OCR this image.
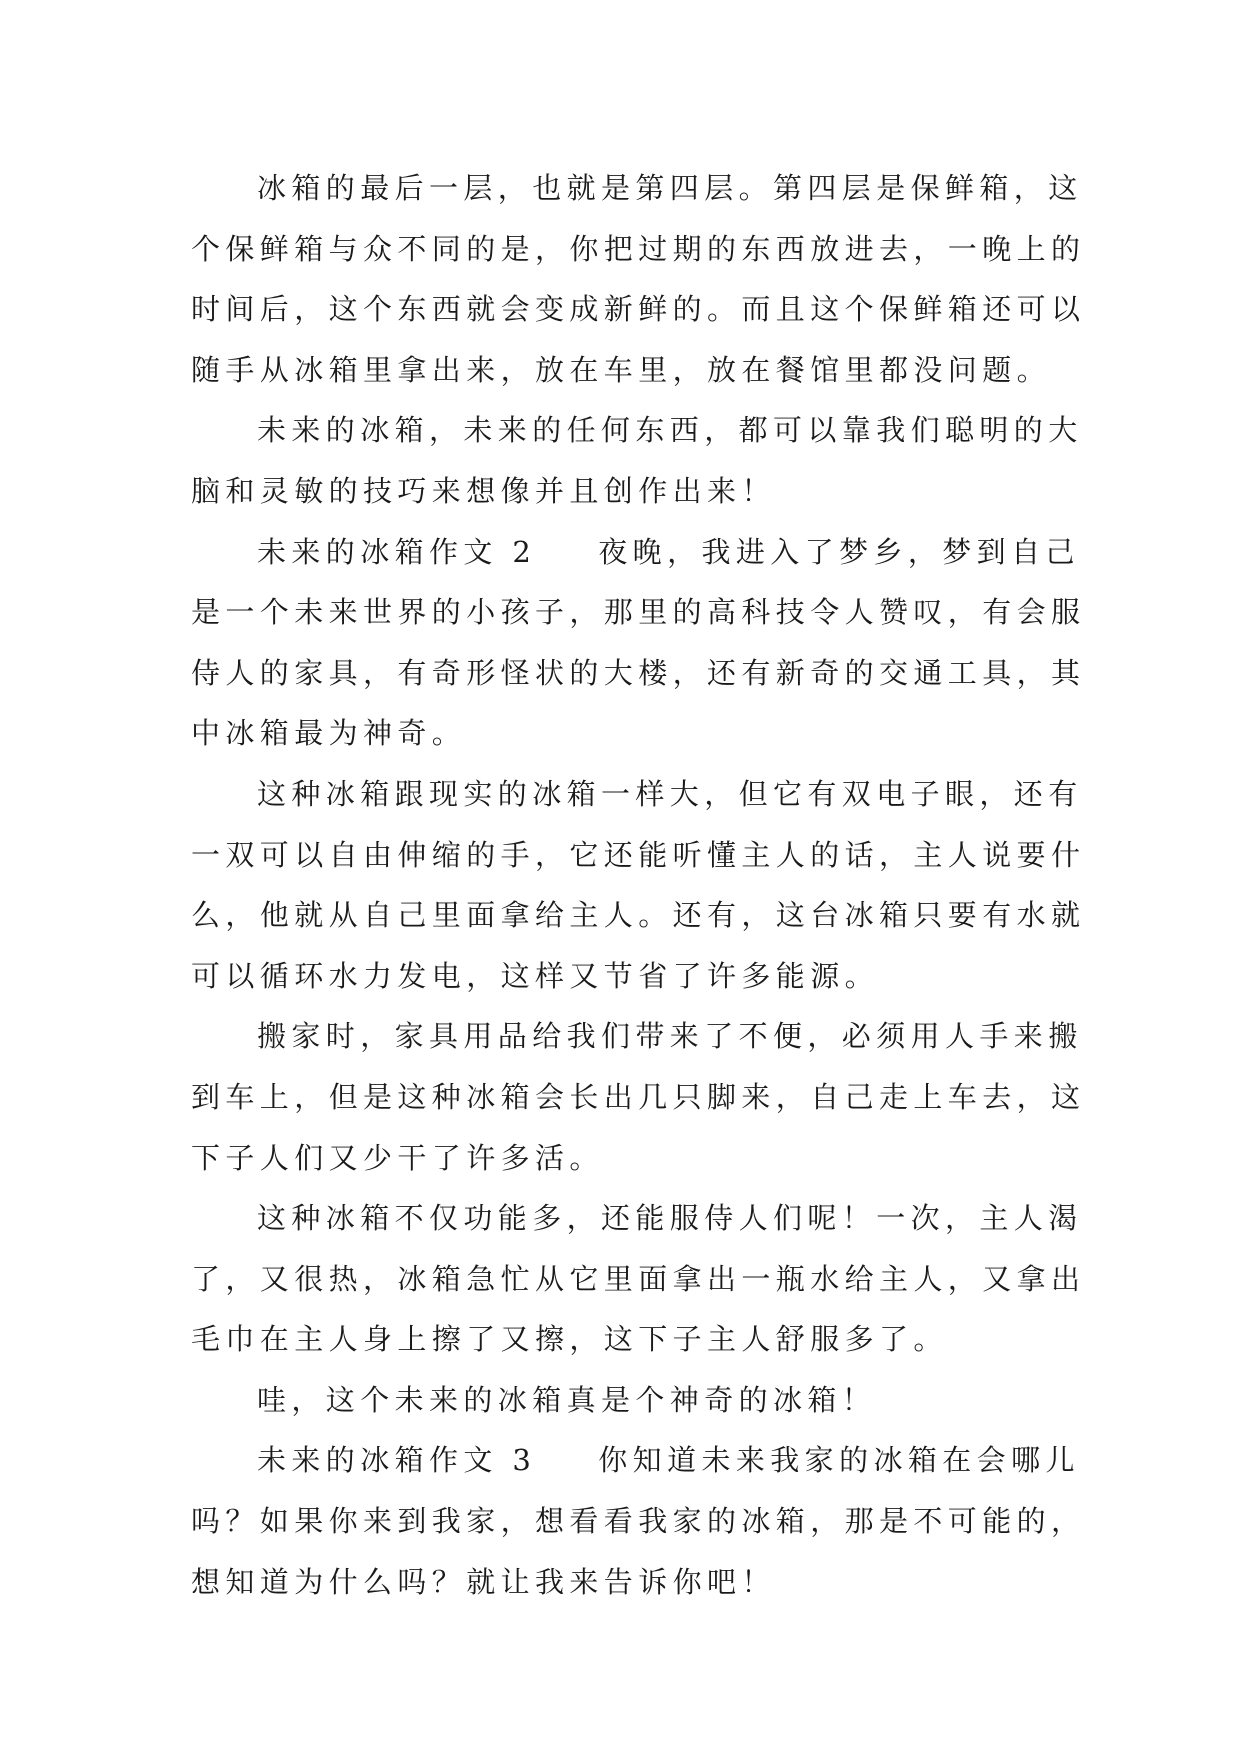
冰箱的最后一层，也就是第四层。第四层是保鲜箱，这
个保鲜箱与众不同的是，你把过期的东西放进去，一晚上的
时间后，这个东西就会变成新鲜的。而且这个保鲜箱还可以
随手从冰箱里拿出来，放在车里，放在餐馆里都没问题。
未来的冰箱，未来的任何东西，都可以靠我们聪明的大
脑和灵敏的技巧来想像并且创作出来！
未来的冰箱作文 2 夜晚，我进入了梦乡，梦到自己
是一个未来世界的小孩子，那里的高科技令人赞叹，有会服
侍人的家具，有奇形怪状的大楼，还有新奇的交通工具，其
中冰箱最为神奇。
这种冰箱跟现实的冰箱一样大，但它有双电子眼，还有
一双可以自由伸缩的手，它还能听懂主人的话，主人说要什
么，他就从自己里面拿给主人。还有，这台冰箱只要有水就
可以循环水力发电，这样又节省了许多能源。
搬家时，家具用品给我们带来了不便，必须用人手来搬
到车上，但是这种冰箱会长出几只脚来，自己走上车去，这
下子人们又少干了许多活。
这种冰箱不仅功能多，还能服侍人们呢！一次，主人渴
了，又很热，冰箱急忙从它里面拿出一瓶水给主人，又拿出
毛巾在主人身上擦了又擦，这下子主人舒服多了。
哇，这个未来的冰箱真是个神奇的冰箱！
未来的冰箱作文 3 你知道未来我家的冰箱在会哪儿
吗？如果你来到我家，想看看我家的冰箱，那是不可能的，
想知道为什么吗？就让我来告诉你吧！
